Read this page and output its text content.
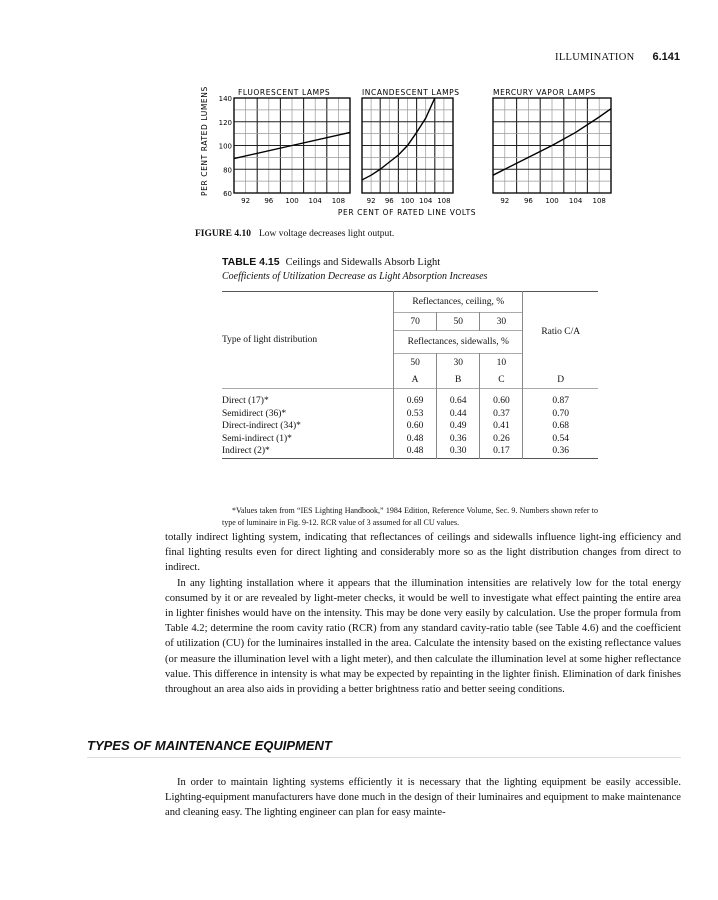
ILLUMINATION 6.141
FLUORESCENT LAMPS
92 96 100 104 108
60
80
100
120
140
INCANDESCENT LAMPS
92 96 100 104 108
MERCURY VAPOR LAMPS
92 96 100 104 108
PER CENT RATED LUMENS
PER CENT OF RATED LINE VOLTS
FIGURE 4.10 Low voltage decreases light output.
TABLE 4.15 Ceilings and Sidewalls Absorb Light
Coefficients of Utilization Decrease as Light Absorption Increases
Type of light distribution	Reflectances, ceiling, %			Ratio C/A
	70	50	30	
	Reflectances, sidewalls, %			
	50	30	10	
	A	B	C	D
Direct (17)*	0.69	0.64	0.60	0.87
Semidirect (36)*	0.53	0.44	0.37	0.70
Direct-indirect (34)*	0.60	0.49	0.41	0.68
Semi-indirect (1)*	0.48	0.36	0.26	0.54
Indirect (2)*	0.48	0.30	0.17	0.36
*Values taken from “IES Lighting Handbook,” 1984 Edition, Reference Volume, Sec. 9. Numbers shown refer to type of luminaire in Fig. 9-12. RCR value of 3 assumed for all CU values.

totally indirect lighting system, indicating that reflectances of ceilings and sidewalls influence light-ing efficiency and final lighting results even for direct lighting and considerably more so as the light distribution changes from direct to indirect.

In any lighting installation where it appears that the illumination intensities are relatively low for the total energy consumed by it or are revealed by light-meter checks, it would be well to investigate what effect painting the entire area in lighter finishes would have on the intensity. This may be done very easily by calculation. Use the proper formula from Table 4.2; determine the room cavity ratio (RCR) from any standard cavity-ratio table (see Table 4.6) and the coefficient of utilization (CU) for the luminaires installed in the area. Calculate the intensity based on the existing reflectance values (or measure the illumination level with a light meter), and then calculate the illumination level at some higher reflectance value. This difference in intensity is what may be expected by repainting in the lighter finish. Elimination of dark finishes throughout an area also aids in providing a better brightness ratio and better seeing conditions.

TYPES OF MAINTENANCE EQUIPMENT

In order to maintain lighting systems efficiently it is necessary that the lighting equipment be easily accessible. Lighting-equipment manufacturers have done much in the design of their luminaires and equipment to make maintenance and cleaning easy. The lighting engineer can plan for easy mainte-
